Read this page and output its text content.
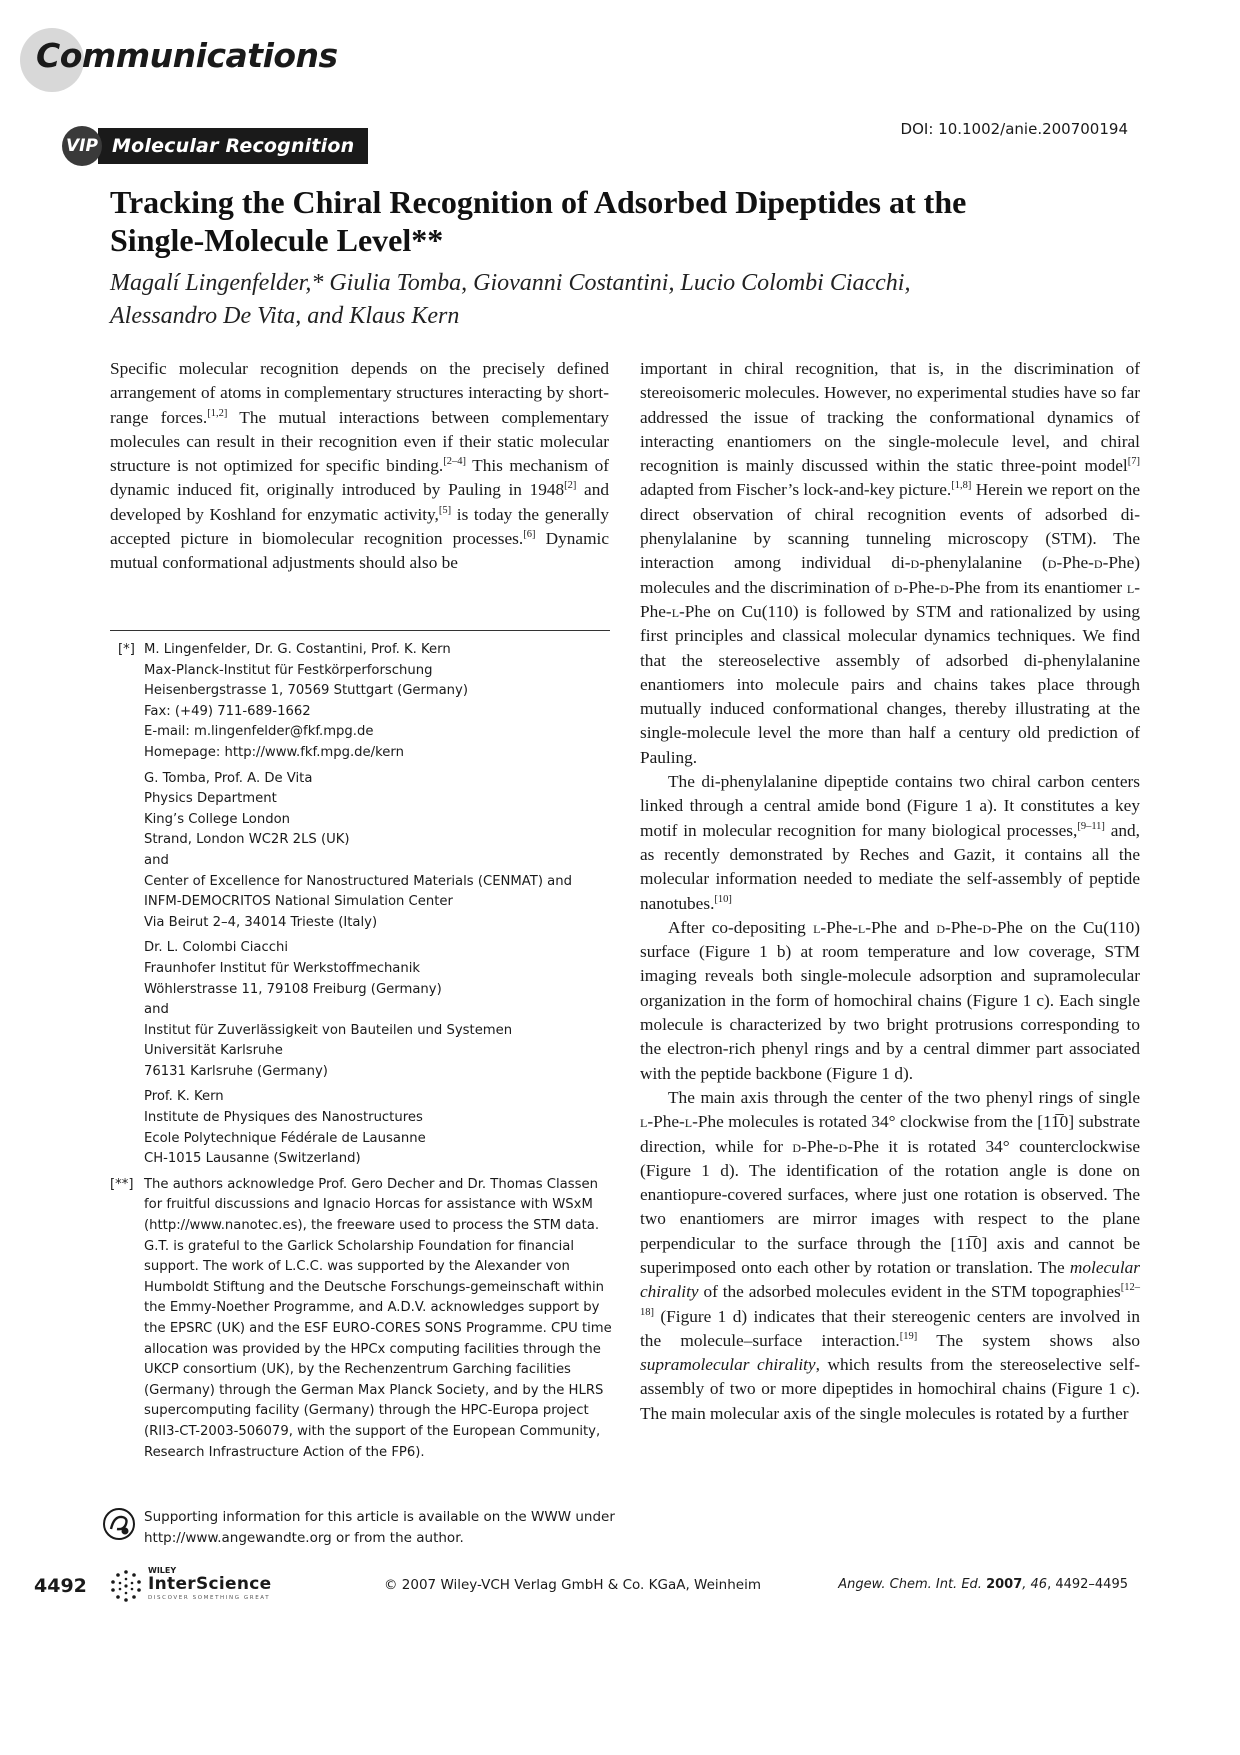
Communications
VIP Molecular Recognition
DOI: 10.1002/anie.200700194
Tracking the Chiral Recognition of Adsorbed Dipeptides at the
Single-Molecule Level**
Magalí Lingenfelder,* Giulia Tomba, Giovanni Costantini, Lucio Colombi Ciacchi,
Alessandro De Vita, and Klaus Kern

Specific molecular recognition depends on the precisely defined arrangement of atoms in complementary structures interacting by short-range forces.[1,2] The mutual interactions between complementary molecules can result in their recognition even if their static molecular structure is not optimized for specific binding.[2–4] This mechanism of dynamic induced fit, originally introduced by Pauling in 1948[2] and developed by Koshland for enzymatic activity,[5] is today the generally accepted picture in biomolecular recognition processes.[6] Dynamic mutual conformational adjustments should also be

[*] M. Lingenfelder, Dr. G. Costantini, Prof. K. Kern
Max-Planck-Institut für Festkörperforschung
Heisenbergstrasse 1, 70569 Stuttgart (Germany)
Fax: (+49) 711-689-1662
E-mail: m.lingenfelder@fkf.mpg.de
Homepage: http://www.fkf.mpg.de/kern
G. Tomba, Prof. A. De Vita
Physics Department
King’s College London
Strand, London WC2R 2LS (UK)
and
Center of Excellence for Nanostructured Materials (CENMAT) and
INFM-DEMOCRITOS National Simulation Center
Via Beirut 2–4, 34014 Trieste (Italy)
Dr. L. Colombi Ciacchi
Fraunhofer Institut für Werkstoffmechanik
Wöhlerstrasse 11, 79108 Freiburg (Germany)
and
Institut für Zuverlässigkeit von Bauteilen und Systemen
Universität Karlsruhe
76131 Karlsruhe (Germany)
Prof. K. Kern
Institute de Physiques des Nanostructures
Ecole Polytechnique Fédérale de Lausanne
CH-1015 Lausanne (Switzerland)
[**] The authors acknowledge Prof. Gero Decher and Dr. Thomas Classen for fruitful discussions and Ignacio Horcas for assistance with WSxM (http://www.nanotec.es), the freeware used to process the STM data. G.T. is grateful to the Garlick Scholarship Foundation for financial support. The work of L.C.C. was supported by the Alexander von Humboldt Stiftung and the Deutsche Forschungs-gemeinschaft within the Emmy-Noether Programme, and A.D.V. acknowledges support by the EPSRC (UK) and the ESF EURO-CORES SONS Programme. CPU time allocation was provided by the HPCx computing facilities through the UKCP consortium (UK), by the Rechenzentrum Garching facilities (Germany) through the German Max Planck Society, and by the HLRS supercomputing facility (Germany) through the HPC-Europa project (RII3-CT-2003-506079, with the support of the European Community, Research Infrastructure Action of the FP6).
Supporting information for this article is available on the WWW under http://www.angewandte.org or from the author.

important in chiral recognition, that is, in the discrimination of stereoisomeric molecules. However, no experimental studies have so far addressed the issue of tracking the conformational dynamics of interacting enantiomers on the single-molecule level, and chiral recognition is mainly discussed within the static three-point model[7] adapted from Fischer’s lock-and-key picture.[1,8] Herein we report on the direct observation of chiral recognition events of adsorbed di-phenylalanine by scanning tunneling microscopy (STM). The interaction among individual di-d-phenylalanine (d-Phe-d-Phe) molecules and the discrimination of d-Phe-d-Phe from its enantiomer l-Phe-l-Phe on Cu(110) is followed by STM and rationalized by using first principles and classical molecular dynamics techniques. We find that the stereoselective assembly of adsorbed di-phenylalanine enantiomers into molecule pairs and chains takes place through mutually induced conformational changes, thereby illustrating at the single-molecule level the more than half a century old prediction of Pauling.

The di-phenylalanine dipeptide contains two chiral carbon centers linked through a central amide bond (Figure 1 a). It constitutes a key motif in molecular recognition for many biological processes,[9–11] and, as recently demonstrated by Reches and Gazit, it contains all the molecular information needed to mediate the self-assembly of peptide nanotubes.[10]

After co-depositing l-Phe-l-Phe and d-Phe-d-Phe on the Cu(110) surface (Figure 1 b) at room temperature and low coverage, STM imaging reveals both single-molecule adsorption and supramolecular organization in the form of homochiral chains (Figure 1 c). Each single molecule is characterized by two bright protrusions corresponding to the electron-rich phenyl rings and by a central dimmer part associated with the peptide backbone (Figure 1 d).

The main axis through the center of the two phenyl rings of single l-Phe-l-Phe molecules is rotated 34° clockwise from the [11̅0] substrate direction, while for d-Phe-d-Phe it is rotated 34° counterclockwise (Figure 1 d). The identification of the rotation angle is done on enantiopure-covered surfaces, where just one rotation is observed. The two enantiomers are mirror images with respect to the plane perpendicular to the surface through the [11̅0] axis and cannot be superimposed onto each other by rotation or translation. The molecular chirality of the adsorbed molecules evident in the STM topographies[12–18] (Figure 1 d) indicates that their stereogenic centers are involved in the molecule–surface interaction.[19] The system shows also supramolecular chirality, which results from the stereoselective self-assembly of two or more dipeptides in homochiral chains (Figure 1 c). The main molecular axis of the single molecules is rotated by a further

4492
WILEY
InterScience
DISCOVER SOMETHING GREAT
© 2007 Wiley-VCH Verlag GmbH & Co. KGaA, Weinheim	Angew. Chem. Int. Ed. 2007, 46, 4492–4495
